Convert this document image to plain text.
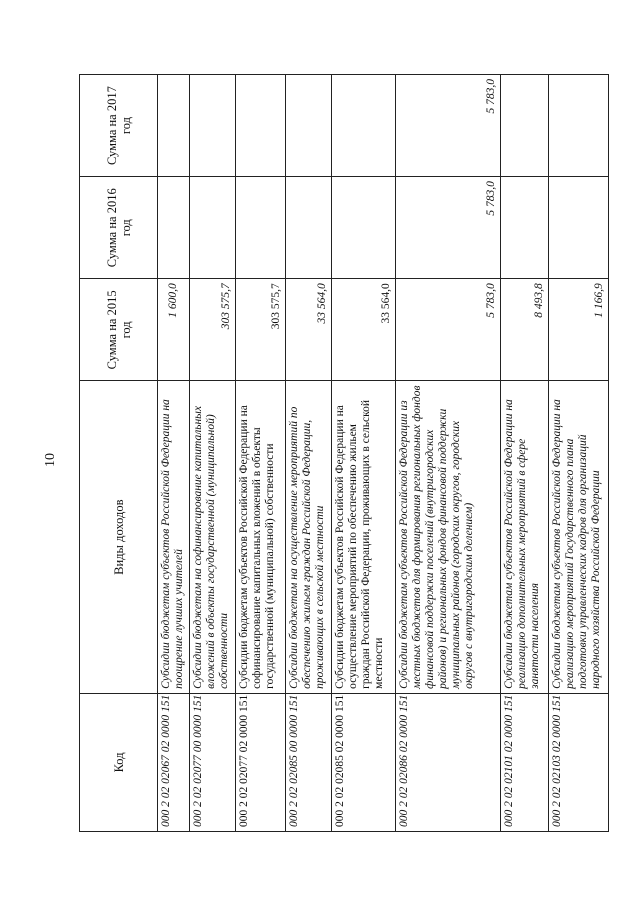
10
Код	Виды доходов	Сумма на 2015 год	Сумма на 2016 год	Сумма на 2017 год
000 2 02 02067 02 0000 151	Субсидии бюджетам субъектов Российской Федерации на поощрение лучших учителей	1 600,0		
000 2 02 02077 00 0000 151	Субсидии бюджетам на софинансирование капитальных вложений в объекты государственной (муниципальной) собственности	303 575,7		
000 2 02 02077 02 0000 151	Субсидии бюджетам субъектов Российской Федерации на софинансирование капитальных вложений в объекты государственной (муниципальной) собственности	303 575,7		
000 2 02 02085 00 0000 151	Субсидии бюджетам на осуществление мероприятий по обеспечению жильем граждан Российской Федерации, проживающих в сельской местности	33 564,0		
000 2 02 02085 02 0000 151	Субсидии бюджетам субъектов Российской Федерации на осуществление мероприятий по обеспечению жильем граждан Российской Федерации, проживающих в сельской местности	33 564,0		
000 2 02 02086 02 0000 151	Субсидии бюджетам субъектов Российской Федерации из местных бюджетов для формирования региональных фондов финансовой поддержки поселений (внутригородских районов) и региональных фондов финансовой поддержки муниципальных районов (городских округов, городских округов с внутригородским делением)	5 783,0	5 783,0	5 783,0
000 2 02 02101 02 0000 151	Субсидии бюджетам субъектов Российской Федерации на реализацию дополнительных мероприятий в сфере занятости населения	8 493,8		
000 2 02 02103 02 0000 151	Субсидии бюджетам субъектов Российской Федерации на реализацию мероприятий Государственного плана подготовки управленческих кадров для организаций народного хозяйства Российской Федерации	1 166,9		
